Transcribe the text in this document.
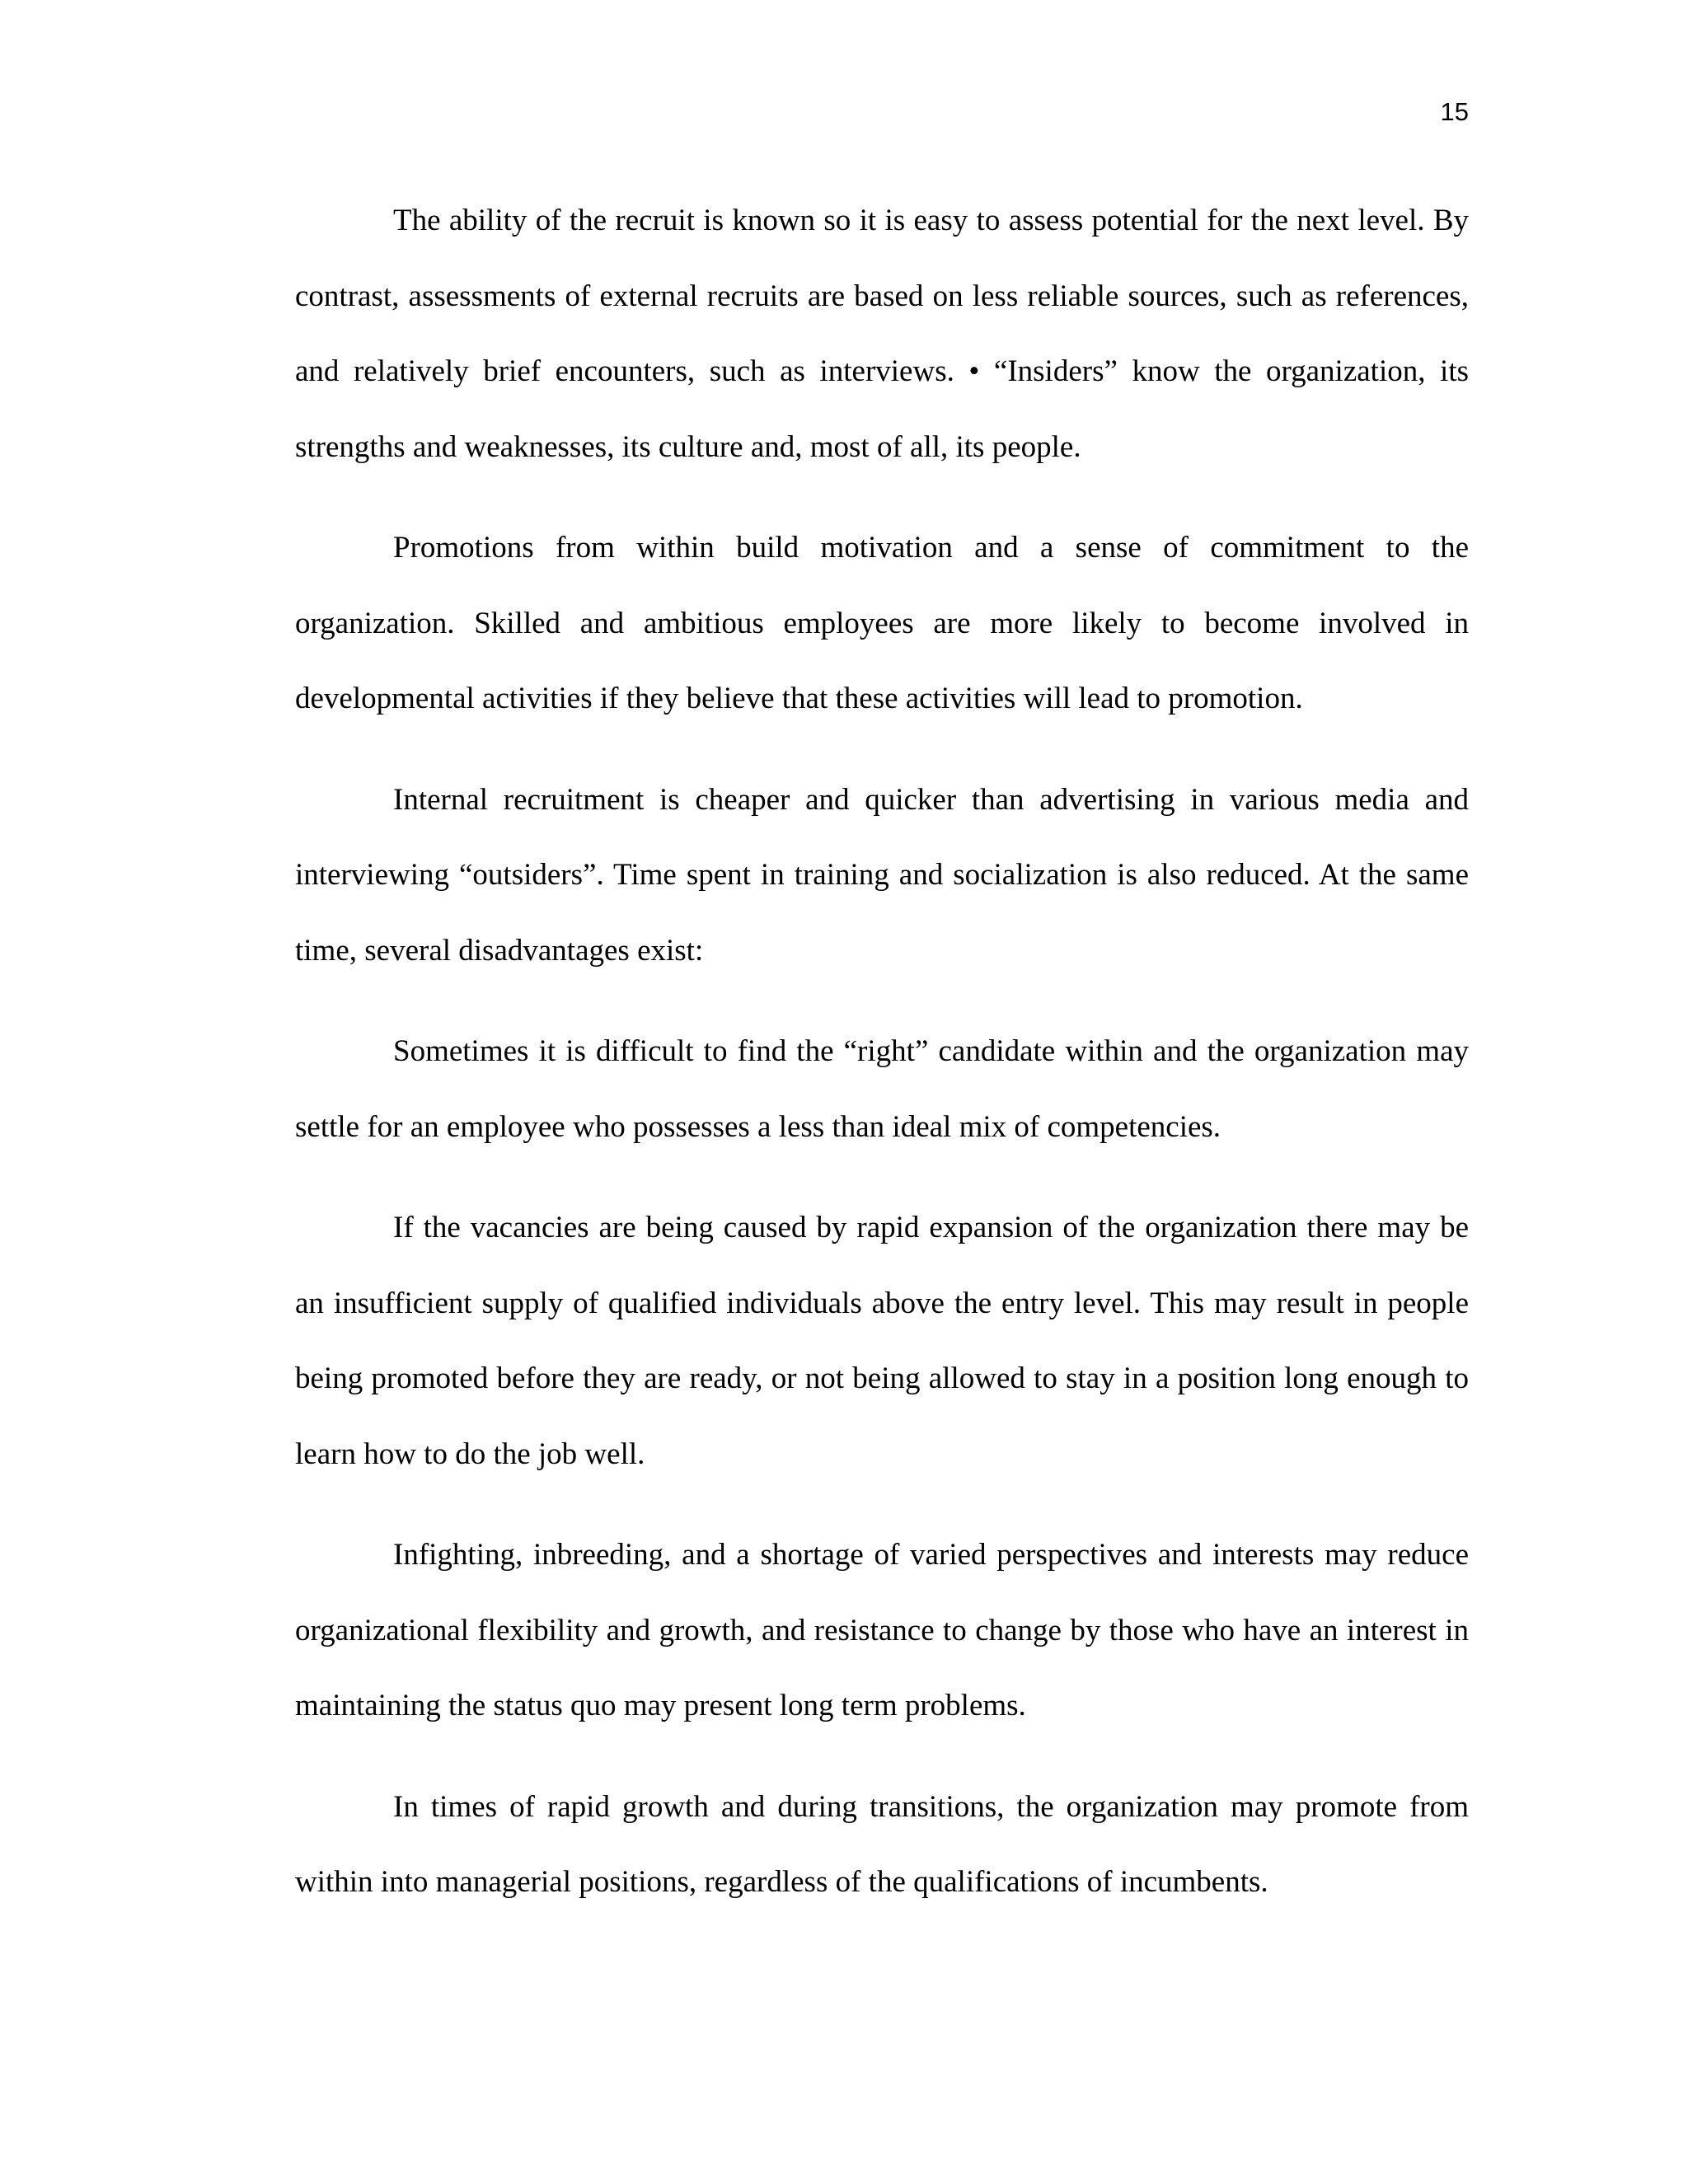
15

The ability of the recruit is known so it is easy to assess potential for the next level. By contrast, assessments of external recruits are based on less reliable sources, such as references, and relatively brief encounters, such as interviews. • “Insiders” know the organization, its strengths and weaknesses, its culture and, most of all, its people.

Promotions from within build motivation and a sense of commitment to the organization. Skilled and ambitious employees are more likely to become involved in developmental activities if they believe that these activities will lead to promotion.

Internal recruitment is cheaper and quicker than advertising in various media and interviewing “outsiders”. Time spent in training and socialization is also reduced. At the same time, several disadvantages exist:

Sometimes it is difficult to find the “right” candidate within and the organization may settle for an employee who possesses a less than ideal mix of competencies.

If the vacancies are being caused by rapid expansion of the organization there may be an insufficient supply of qualified individuals above the entry level. This may result in people being promoted before they are ready, or not being allowed to stay in a position long enough to learn how to do the job well.

Infighting, inbreeding, and a shortage of varied perspectives and interests may reduce organizational flexibility and growth, and resistance to change by those who have an interest in maintaining the status quo may present long term problems.

In times of rapid growth and during transitions, the organization may promote from within into managerial positions, regardless of the qualifications of incumbents.
